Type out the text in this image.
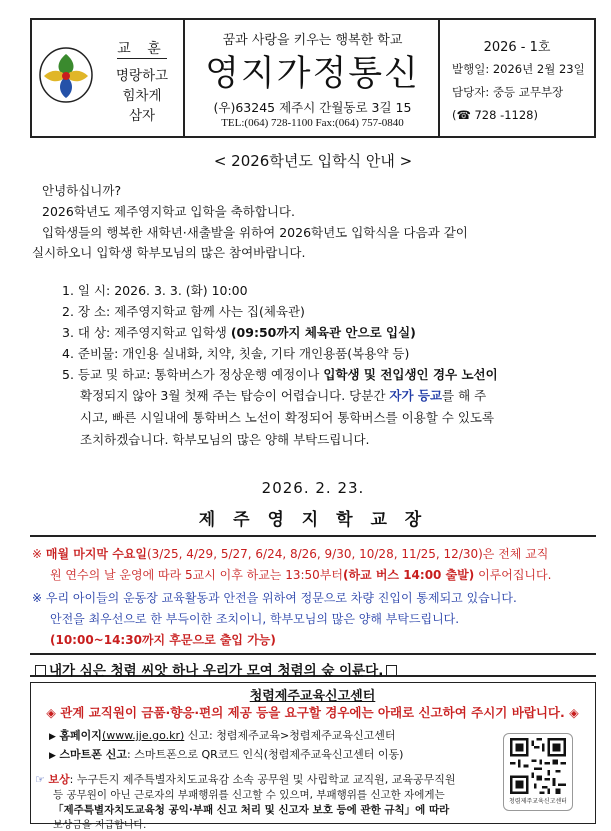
교 훈
명랑하고
힘차게
삼자
꿈과 사랑을 키우는 행복한 학교
영지가정통신
(우)63245 제주시 간월동로 3길 15
TEL:(064) 728-1100 Fax:(064) 757-0840
2026 - 1호
발행일: 2026년 2월 23일
담당자: 중등 교무부장
(☎ 728 -1128)
< 2026학년도 입학식 안내 >
안녕하십니까?
2026학년도 제주영지학교 입학을 축하합니다.
입학생들의 행복한 새학년·새출발을 위하여 2026학년도 입학식을 다음과 같이
실시하오니 입학생 학부모님의 많은 참여바랍니다.
1. 일 시: 2026. 3. 3. (화) 10:00
2. 장 소: 제주영지학교 함께 사는 집(체육관)
3. 대 상: 제주영지학교 입학생 (09:50까지 체육관 안으로 입실)
4. 준비물: 개인용 실내화, 치약, 칫솔, 기타 개인용품(복용약 등)
5. 등교 및 하교: 통학버스가 정상운행 예정이나 입학생 및 전입생인 경우 노선이
확정되지 않아 3월 첫째 주는 탑승이 어렵습니다. 당분간 자가 등교를 해 주
시고, 빠른 시일내에 통학버스 노선이 확정되어 통학버스를 이용할 수 있도록
조치하겠습니다. 학부모님의 많은 양해 부탁드립니다.
2026. 2. 23.
제 주 영 지 학 교 장
※ 매월 마지막 수요일(3/25, 4/29, 5/27, 6/24, 8/26, 9/30, 10/28, 11/25, 12/30)은 전체 교직
원 연수의 날 운영에 따라 5교시 이후 하교는 13:50부터(하교 버스 14:00 출발) 이루어집니다.
※ 우리 아이들의 운동장 교육활동과 안전을 위하여 정문으로 차량 진입이 통제되고 있습니다.
안전을 최우선으로 한 부득이한 조치이니, 학부모님의 많은 양해 부탁드립니다.
(10:00~14:30까지 후문으로 출입 가능)
내가 심은 청렴 씨앗 하나 우리가 모여 청렴의 숲 이룬다.
청렴제주교육신고센터
◈ 관계 교직원이 금품·향응·편의 제공 등을 요구할 경우에는 아래로 신고하여 주시기 바랍니다. ◈
▶ 홈페이지(www.jje.go.kr) 신고: 청렴제주교육>청렴제주교육신고센터
▶ 스마트폰 신고: 스마트폰으로 QR코드 인식(청렴제주교육신고센터 이동)
☞ 보상: 누구든지 제주특별자치도교육감 소속 공무원 및 사립학교 교직원, 교육공무직원
등 공무원이 아닌 근로자의 부패행위를 신고할 수 있으며, 부패행위를 신고한 자에게는
「제주특별자치도교육청 공익·부패 신고 처리 및 신고자 보호 등에 관한 규칙」에 따라
보상금을 지급합니다.
청렴제주교육신고센터
